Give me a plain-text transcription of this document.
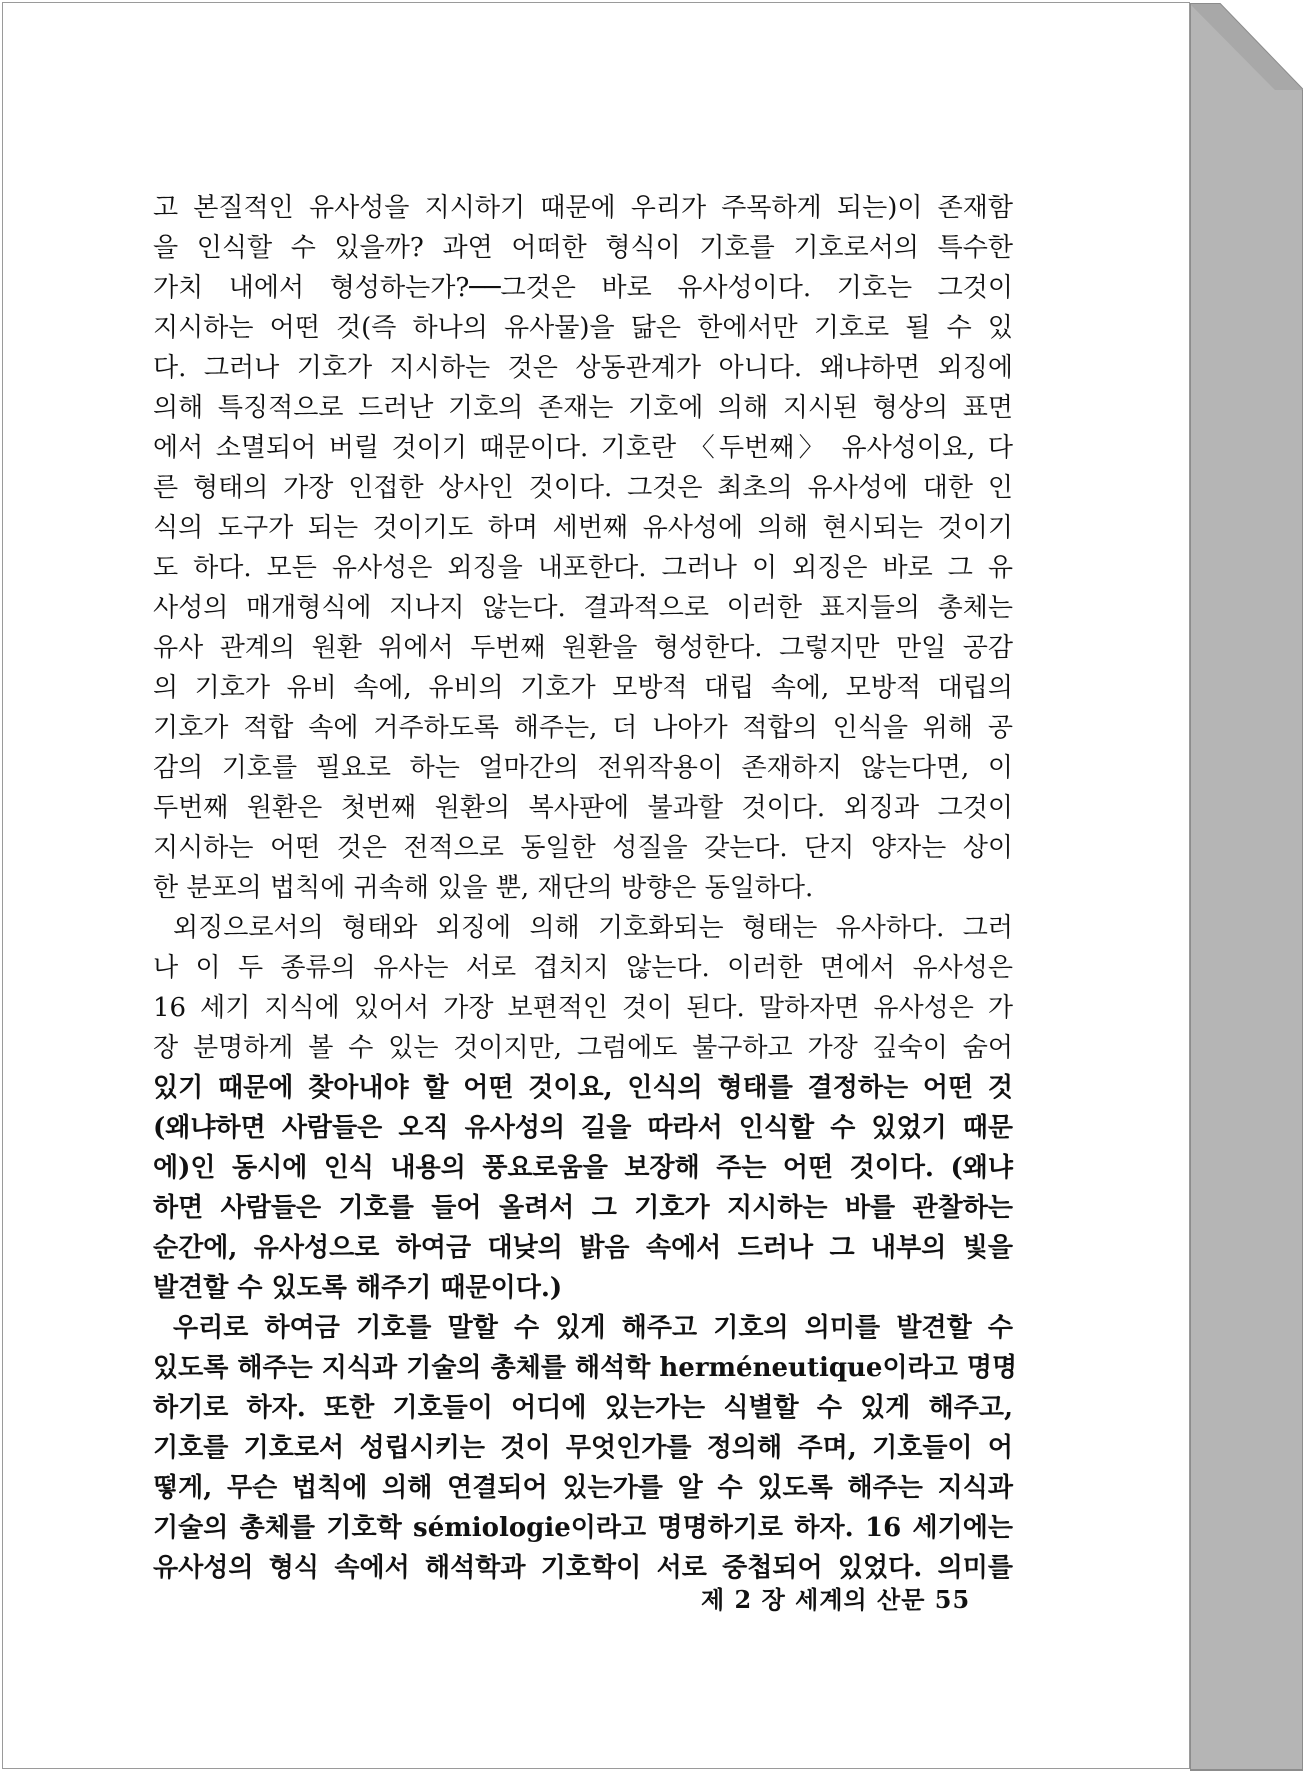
고 본질적인 유사성을 지시하기 때문에 우리가 주목하게 되는)이 존재함
을 인식할 수 있을까? 과연 어떠한 형식이 기호를 기호로서의 특수한
가치 내에서 형성하는가?──그것은 바로 유사성이다. 기호는 그것이
지시하는 어떤 것(즉 하나의 유사물)을 닮은 한에서만 기호로 될 수 있
다. 그러나 기호가 지시하는 것은 상동관계가 아니다. 왜냐하면 외징에
의해 특징적으로 드러난 기호의 존재는 기호에 의해 지시된 형상의 표면
에서 소멸되어 버릴 것이기 때문이다. 기호란 〈두번째〉 유사성이요, 다
른 형태의 가장 인접한 상사인 것이다. 그것은 최초의 유사성에 대한 인
식의 도구가 되는 것이기도 하며 세번째 유사성에 의해 현시되는 것이기
도 하다. 모든 유사성은 외징을 내포한다. 그러나 이 외징은 바로 그 유
사성의 매개형식에 지나지 않는다. 결과적으로 이러한 표지들의 총체는
유사 관계의 원환 위에서 두번째 원환을 형성한다. 그렇지만 만일 공감
의 기호가 유비 속에, 유비의 기호가 모방적 대립 속에, 모방적 대립의
기호가 적합 속에 거주하도록 해주는, 더 나아가 적합의 인식을 위해 공
감의 기호를 필요로 하는 얼마간의 전위작용이 존재하지 않는다면, 이
두번째 원환은 첫번째 원환의 복사판에 불과할 것이다. 외징과 그것이
지시하는 어떤 것은 전적으로 동일한 성질을 갖는다. 단지 양자는 상이
한 분포의 법칙에 귀속해 있을 뿐, 재단의 방향은 동일하다.
외징으로서의 형태와 외징에 의해 기호화되는 형태는 유사하다. 그러
나 이 두 종류의 유사는 서로 겹치지 않는다. 이러한 면에서 유사성은
16 세기 지식에 있어서 가장 보편적인 것이 된다. 말하자면 유사성은 가
장 분명하게 볼 수 있는 것이지만, 그럼에도 불구하고 가장 깊숙이 숨어
있기 때문에 찾아내야 할 어떤 것이요, 인식의 형태를 결정하는 어떤 것
(왜냐하면 사람들은 오직 유사성의 길을 따라서 인식할 수 있었기 때문
에)인 동시에 인식 내용의 풍요로움을 보장해 주는 어떤 것이다. (왜냐
하면 사람들은 기호를 들어 올려서 그 기호가 지시하는 바를 관찰하는
순간에, 유사성으로 하여금 대낮의 밝음 속에서 드러나 그 내부의 빛을
발견할 수 있도록 해주기 때문이다.)
우리로 하여금 기호를 말할 수 있게 해주고 기호의 의미를 발견할 수
있도록 해주는 지식과 기술의 총체를 해석학 herméneutique이라고 명명
하기로 하자. 또한 기호들이 어디에 있는가는 식별할 수 있게 해주고,
기호를 기호로서 성립시키는 것이 무엇인가를 정의해 주며, 기호들이 어
떻게, 무슨 법칙에 의해 연결되어 있는가를 알 수 있도록 해주는 지식과
기술의 총체를 기호학 sémiologie이라고 명명하기로 하자. 16 세기에는
유사성의 형식 속에서 해석학과 기호학이 서로 중첩되어 있었다. 의미를
제 2 장 세계의 산문 55
